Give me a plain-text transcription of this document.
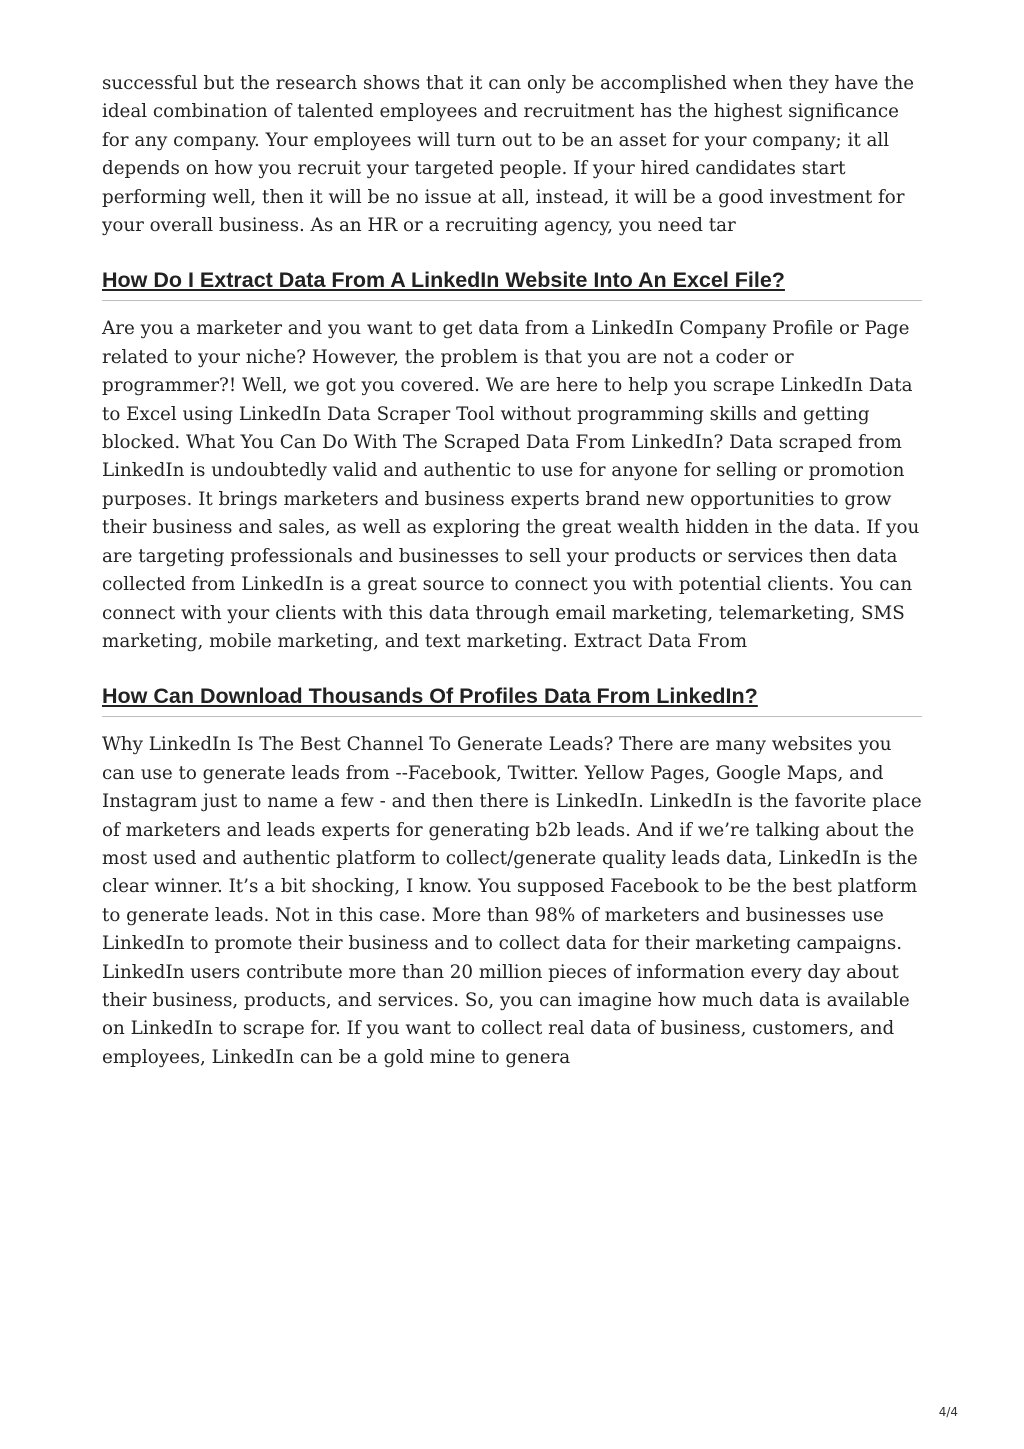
successful but the research shows that it can only be accomplished when they have the ideal combination of talented employees and recruitment has the highest significance for any company. Your employees will turn out to be an asset for your company; it all depends on how you recruit your targeted people. If your hired candidates start performing well, then it will be no issue at all, instead, it will be a good investment for your overall business. As an HR or a recruiting agency, you need tar

How Do I Extract Data From A LinkedIn Website Into An Excel File?

Are you a marketer and you want to get data from a LinkedIn Company Profile or Page related to your niche? However, the problem is that you are not a coder or programmer?! Well, we got you covered. We are here to help you scrape LinkedIn Data to Excel using LinkedIn Data Scraper Tool without programming skills and getting blocked. What You Can Do With The Scraped Data From LinkedIn? Data scraped from LinkedIn is undoubtedly valid and authentic to use for anyone for selling or promotion purposes. It brings marketers and business experts brand new opportunities to grow their business and sales, as well as exploring the great wealth hidden in the data. If you are targeting professionals and businesses to sell your products or services then data collected from LinkedIn is a great source to connect you with potential clients. You can connect with your clients with this data through email marketing, telemarketing, SMS marketing, mobile marketing, and text marketing. Extract Data From

How Can Download Thousands Of Profiles Data From LinkedIn?

Why LinkedIn Is The Best Channel To Generate Leads? There are many websites you can use to generate leads from --Facebook, Twitter. Yellow Pages, Google Maps, and Instagram just to name a few - and then there is LinkedIn. LinkedIn is the favorite place of marketers and leads experts for generating b2b leads. And if we’re talking about the most used and authentic platform to collect/generate quality leads data, LinkedIn is the clear winner. It’s a bit shocking, I know. You supposed Facebook to be the best platform to generate leads. Not in this case. More than 98% of marketers and businesses use LinkedIn to promote their business and to collect data for their marketing campaigns. LinkedIn users contribute more than 20 million pieces of information every day about their business, products, and services. So, you can imagine how much data is available on LinkedIn to scrape for. If you want to collect real data of business, customers, and employees, LinkedIn can be a gold mine to genera

4/4
